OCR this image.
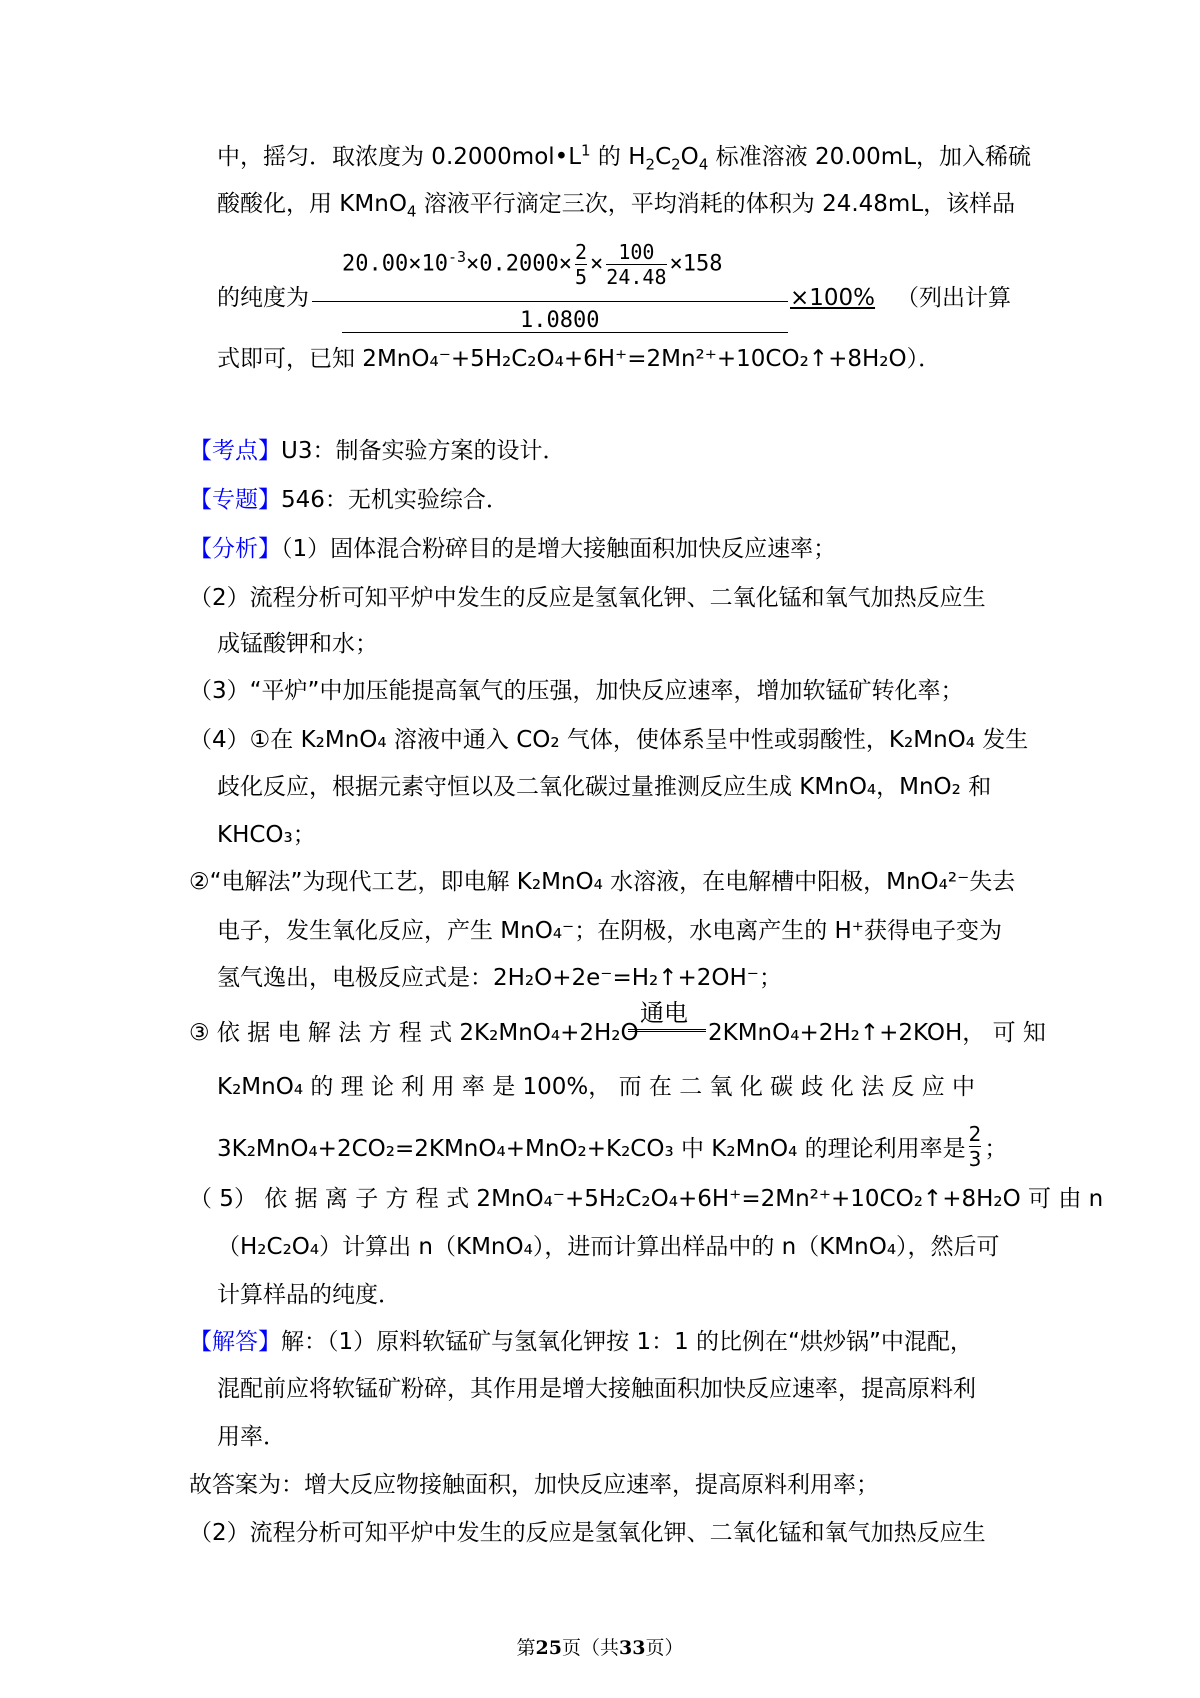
中，摇匀．取浓度为 $0.2000mol•L^1$ 的 $H_2C_2O_4$ 标准溶液 20.00mL，加入稀硫
酸酸化，用 KMnO$_4$ 溶液平行滴定三次，平均消耗的体积为 24.48mL，该样品
的纯度为
$20.00\times 10^{-3}\times 0.2000\times \frac{2}{5} \times \frac{100}{24.48} \times 158$
1.0800
×100% （列出计算
式即可，已知 2MnO₄⁻+5H₂C₂O₄+6H⁺=2Mn²⁺+10CO₂↑+8H₂O）．
【考点】U3：制备实验方案的设计．
【专题】546：无机实验综合．
【分析】（1）固体混合粉碎目的是增大接触面积加快反应速率；
（2）流程分析可知平炉中发生的反应是氢氧化钾、二氧化锰和氧气加热反应生
成锰酸钾和水；
（3）“平炉”中加压能提高氧气的压强，加快反应速率，增加软锰矿转化率；
（4）①在 K₂MnO₄ 溶液中通入 CO₂ 气体，使体系呈中性或弱酸性，K₂MnO₄ 发生
歧化反应，根据元素守恒以及二氧化碳过量推测反应生成 KMnO₄，MnO₂ 和
KHCO₃；
②“电解法”为现代工艺，即电解 K₂MnO₄ 水溶液，在电解槽中阳极，MnO₄²⁻失去
电子，发生氧化反应，产生 MnO₄⁻；在阴极，水电离产生的 H⁺获得电子变为
氢气逸出，电极反应式是：2H₂O+2e⁻=H₂↑+2OH⁻；
③ 依 据 电 解 法 方 程 式 2K₂MnO₄+2H₂O
通电
2KMnO₄+2H₂↑+2KOH， 可 知
K₂MnO₄ 的 理 论 利 用 率 是 100%， 而 在 二 氧 化 碳 歧 化 法 反 应 中
3K₂MnO₄+2CO₂=2KMnO₄+MnO₂+K₂CO₃ 中 K₂MnO₄ 的理论利用率是 $\frac{2}{3}$ ；
（ 5） 依 据 离 子 方 程 式 2MnO₄⁻+5H₂C₂O₄+6H⁺=2Mn²⁺+10CO₂↑+8H₂O 可 由 n
（H₂C₂O₄）计算出 n（KMnO₄），进而计算出样品中的 n（KMnO₄），然后可
计算样品的纯度．
【解答】解：（1）原料软锰矿与氢氧化钾按 1：1 的比例在“烘炒锅”中混配，
混配前应将软锰矿粉碎，其作用是增大接触面积加快反应速率，提高原料利
用率．
故答案为：增大反应物接触面积，加快反应速率，提高原料利用率；
（2）流程分析可知平炉中发生的反应是氢氧化钾、二氧化锰和氧气加热反应生
第25页（共33页）
